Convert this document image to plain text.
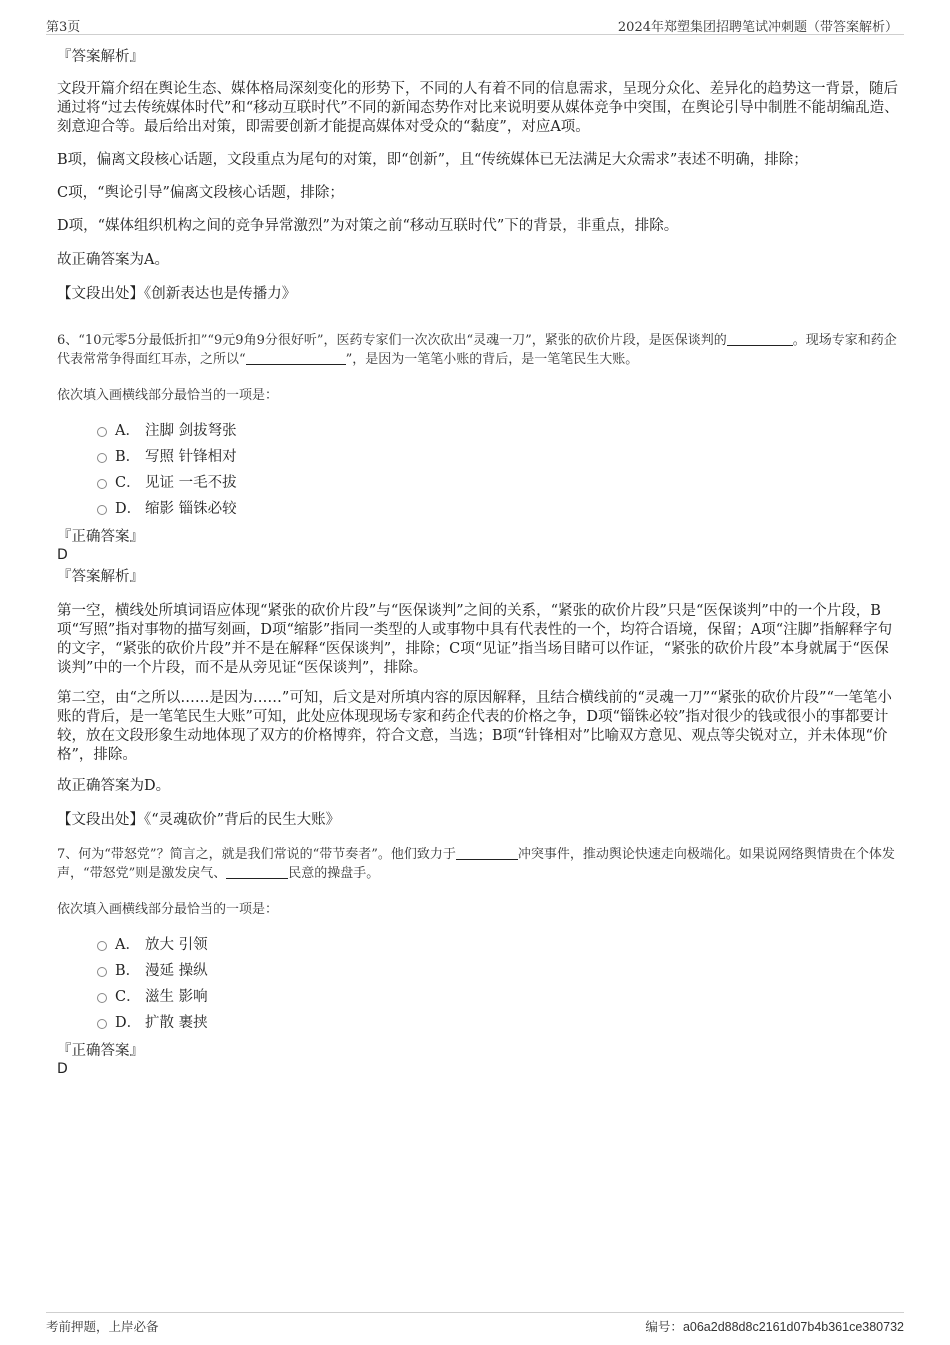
第3页	2024年郑塑集团招聘笔试冲刺题（带答案解析）
『答案解析』

文段开篇介绍在舆论生态、媒体格局深刻变化的形势下，不同的人有着不同的信息需求，呈现分众化、差异化的趋势这一背景，随后通过将“过去传统媒体时代”和“移动互联时代”不同的新闻态势作对比来说明要从媒体竞争中突围，在舆论引导中制胜不能胡编乱造、刻意迎合等。最后给出对策，即需要创新才能提高媒体对受众的“黏度”，对应A项。

B项，偏离文段核心话题，文段重点为尾句的对策，即“创新”，且“传统媒体已无法满足大众需求”表述不明确，排除；

C项，“舆论引导”偏离文段核心话题，排除；

D项，“媒体组织机构之间的竞争异常激烈”为对策之前“移动互联时代”下的背景，非重点，排除。

故正确答案为A。

【文段出处】《创新表达也是传播力》

6、“10元零5分最低折扣”“9元9角9分很好听”，医药专家们一次次砍出“灵魂一刀”，紧张的砍价片段，是医保谈判的	。现场专家和药企代表常常争得面红耳赤，之所以“	”，是因为一笔笔小账的背后，是一笔笔民生大账。
依次填入画横线部分最恰当的一项是：
A． 注脚 剑拔弩张
B． 写照 针锋相对
C． 见证 一毛不拔
D． 缩影 锱铢必较
『正确答案』
D
『答案解析』

第一空，横线处所填词语应体现“紧张的砍价片段”与“医保谈判”之间的关系，“紧张的砍价片段”只是“医保谈判”中的一个片段，B项“写照”指对事物的描写刻画，D项“缩影”指同一类型的人或事物中具有代表性的一个，均符合语境，保留；A项“注脚”指解释字句的文字，“紧张的砍价片段”并不是在解释“医保谈判”，排除；C项“见证”指当场目睹可以作证，“紧张的砍价片段”本身就属于“医保谈判”中的一个片段，而不是从旁见证“医保谈判”，排除。

第二空，由“之所以……是因为……”可知，后文是对所填内容的原因解释，且结合横线前的“灵魂一刀”“紧张的砍价片段”“一笔笔小账的背后，是一笔笔民生大账”可知，此处应体现现场专家和药企代表的价格之争，D项“锱铢必较”指对很少的钱或很小的事都要计较，放在文段形象生动地体现了双方的价格博弈，符合文意，当选；B项“针锋相对”比喻双方意见、观点等尖锐对立，并未体现“价格”，排除。

故正确答案为D。

【文段出处】《“灵魂砍价”背后的民生大账》

7、何为“带怒党”？简言之，就是我们常说的“带节奏者”。他们致力于	冲突事件，推动舆论快速走向极端化。如果说网络舆情贵在个体发声，“带怒党”则是激发戾气、	民意的操盘手。
依次填入画横线部分最恰当的一项是：
A． 放大 引领
B． 漫延 操纵
C． 滋生 影响
D． 扩散 裹挟
『正确答案』
D
考前押题，上岸必备	编号：a06a2d88d8c2161d07b4b361ce380732
